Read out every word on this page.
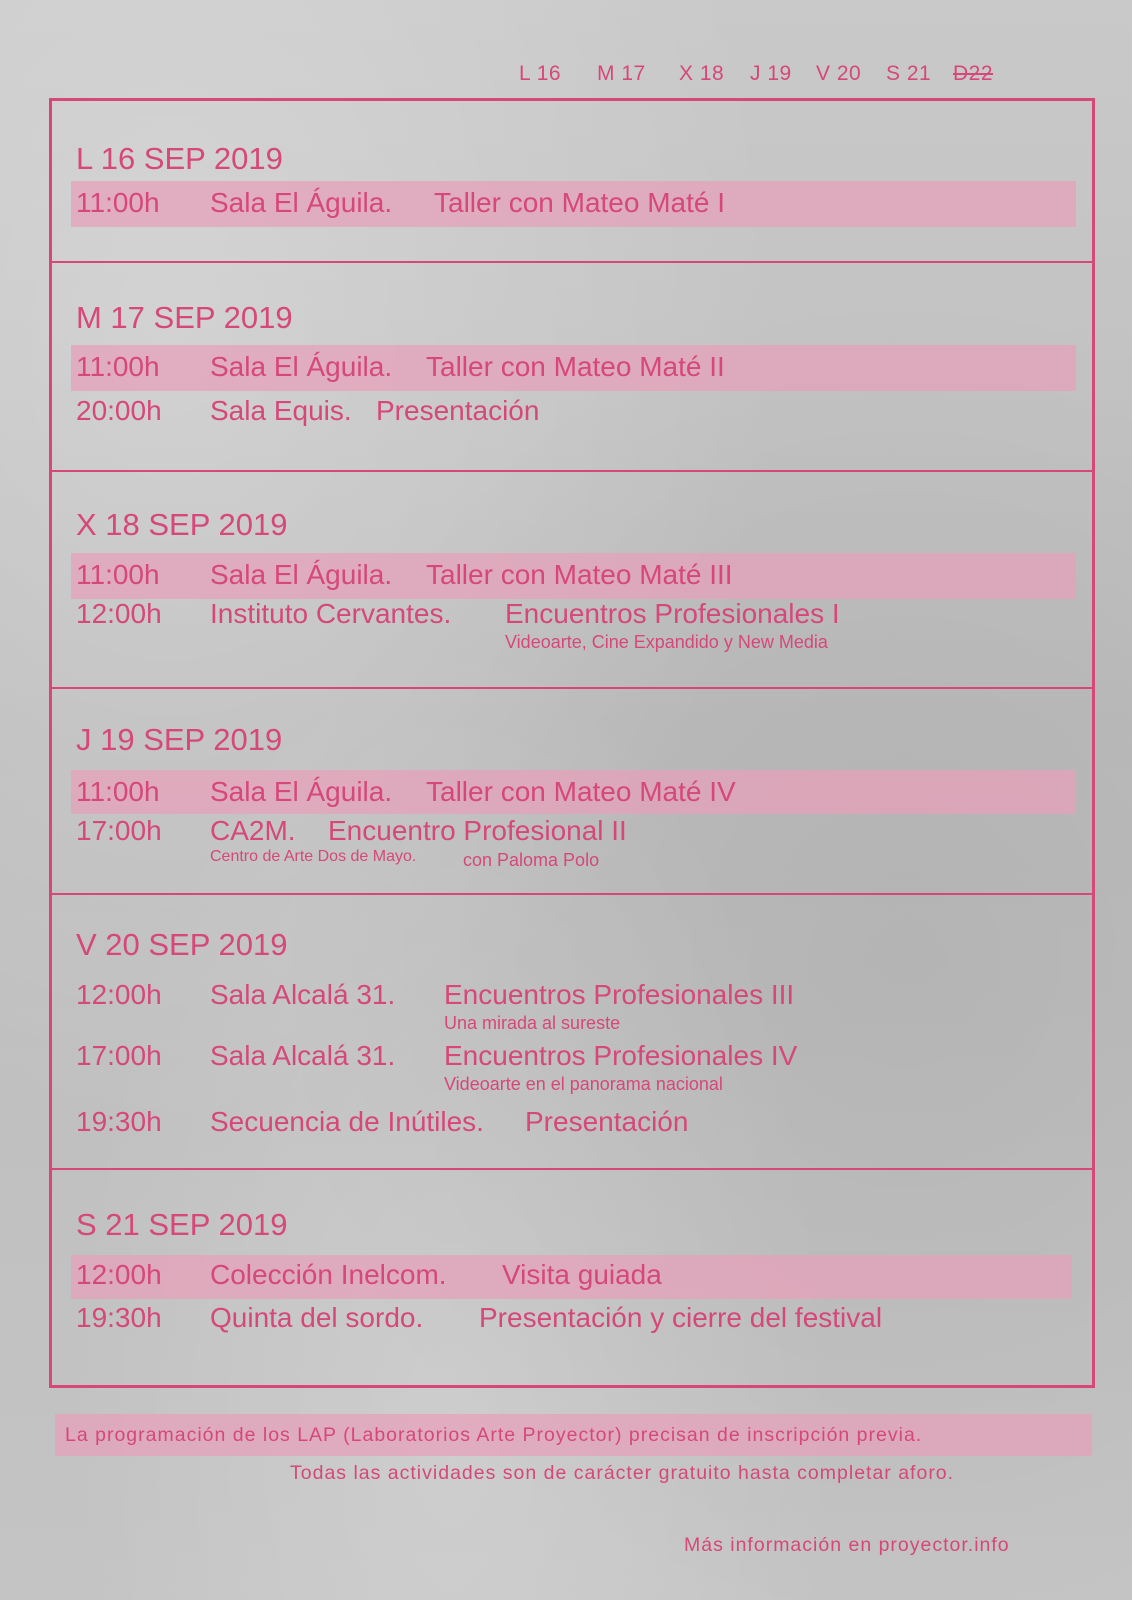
L 16 M 17 X 18 J 19 V 20 S 21 D22
L 16 SEP 2019
11:00h Sala El Águila. Taller con Mateo Maté I
M 17 SEP 2019
11:00h Sala El Águila. Taller con Mateo Maté II
20:00h Sala Equis. Presentación
X 18 SEP 2019
11:00h Sala El Águila. Taller con Mateo Maté III
12:00h Instituto Cervantes. Encuentros Profesionales I
Videoarte, Cine Expandido y New Media
J 19 SEP 2019
11:00h Sala El Águila. Taller con Mateo Maté IV
17:00h CA2M. Encuentro Profesional II
Centro de Arte Dos de Mayo.	con Paloma Polo
V 20 SEP 2019
12:00h Sala Alcalá 31. Encuentros Profesionales III
Una mirada al sureste
17:00h Sala Alcalá 31. Encuentros Profesionales IV
Videoarte en el panorama nacional
19:30h Secuencia de Inútiles. Presentación
S 21 SEP 2019
12:00h Colección Inelcom. Visita guiada
19:30h Quinta del sordo. Presentación y cierre del festival
La programación de los LAP (Laboratorios Arte Proyector) precisan de inscripción previa.
Todas las actividades son de carácter gratuito hasta completar aforo.
Más información en proyector.info
